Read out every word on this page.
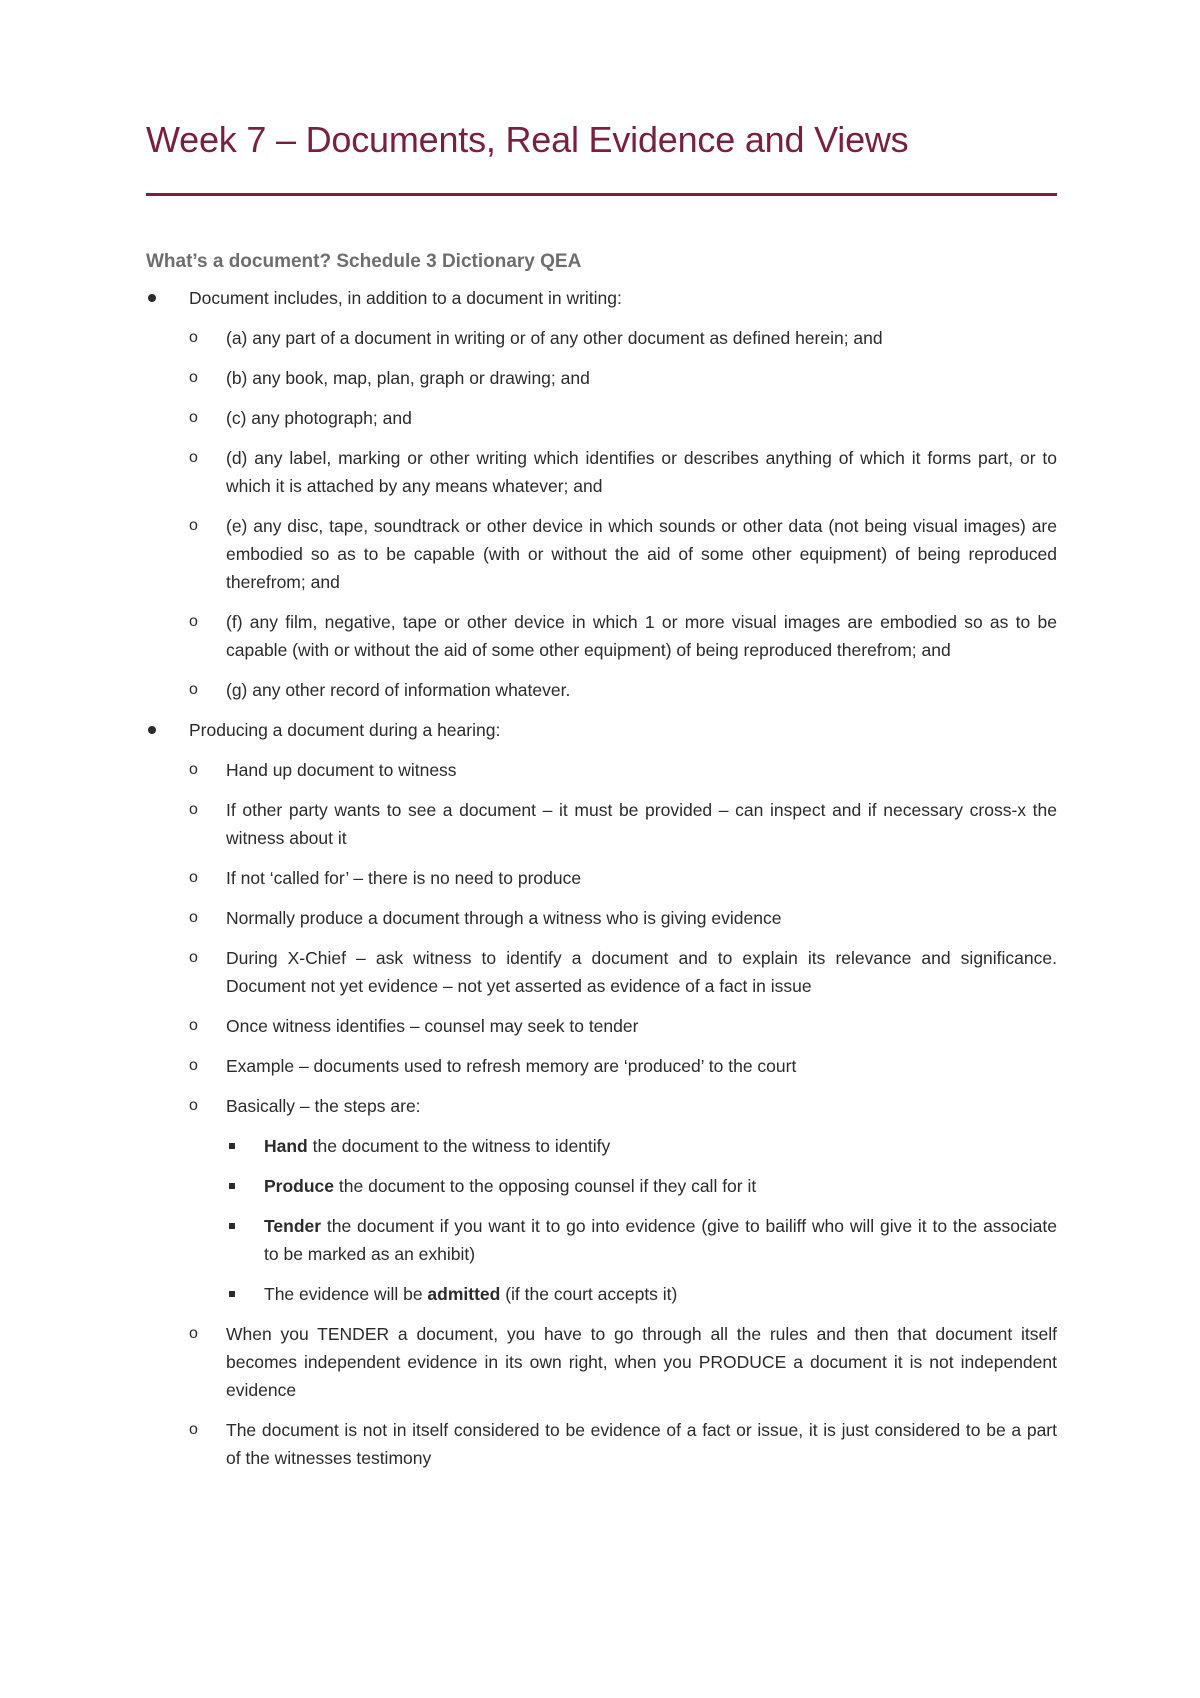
Week 7 – Documents, Real Evidence and Views
What’s a document? Schedule 3 Dictionary QEA
Document includes, in addition to a document in writing:
o (a) any part of a document in writing or of any other document as defined herein; and
o (b) any book, map, plan, graph or drawing; and
o (c) any photograph; and
o (d) any label, marking or other writing which identifies or describes anything of which it forms part, or to which it is attached by any means whatever; and
o (e) any disc, tape, soundtrack or other device in which sounds or other data (not being visual images) are embodied so as to be capable (with or without the aid of some other equipment) of being reproduced therefrom; and
o (f) any film, negative, tape or other device in which 1 or more visual images are embodied so as to be capable (with or without the aid of some other equipment) of being reproduced therefrom; and
o (g) any other record of information whatever.
Producing a document during a hearing:
o Hand up document to witness
o If other party wants to see a document – it must be provided – can inspect and if necessary cross-x the witness about it
o If not ‘called for’ – there is no need to produce
o Normally produce a document through a witness who is giving evidence
o During X-Chief – ask witness to identify a document and to explain its relevance and significance. Document not yet evidence – not yet asserted as evidence of a fact in issue
o Once witness identifies – counsel may seek to tender
o Example – documents used to refresh memory are ‘produced’ to the court
o Basically – the steps are:
Hand the document to the witness to identify
Produce the document to the opposing counsel if they call for it
Tender the document if you want it to go into evidence (give to bailiff who will give it to the associate to be marked as an exhibit)
The evidence will be admitted (if the court accepts it)
o When you TENDER a document, you have to go through all the rules and then that document itself becomes independent evidence in its own right, when you PRODUCE a document it is not independent evidence
o The document is not in itself considered to be evidence of a fact or issue, it is just considered to be a part of the witnesses testimony
